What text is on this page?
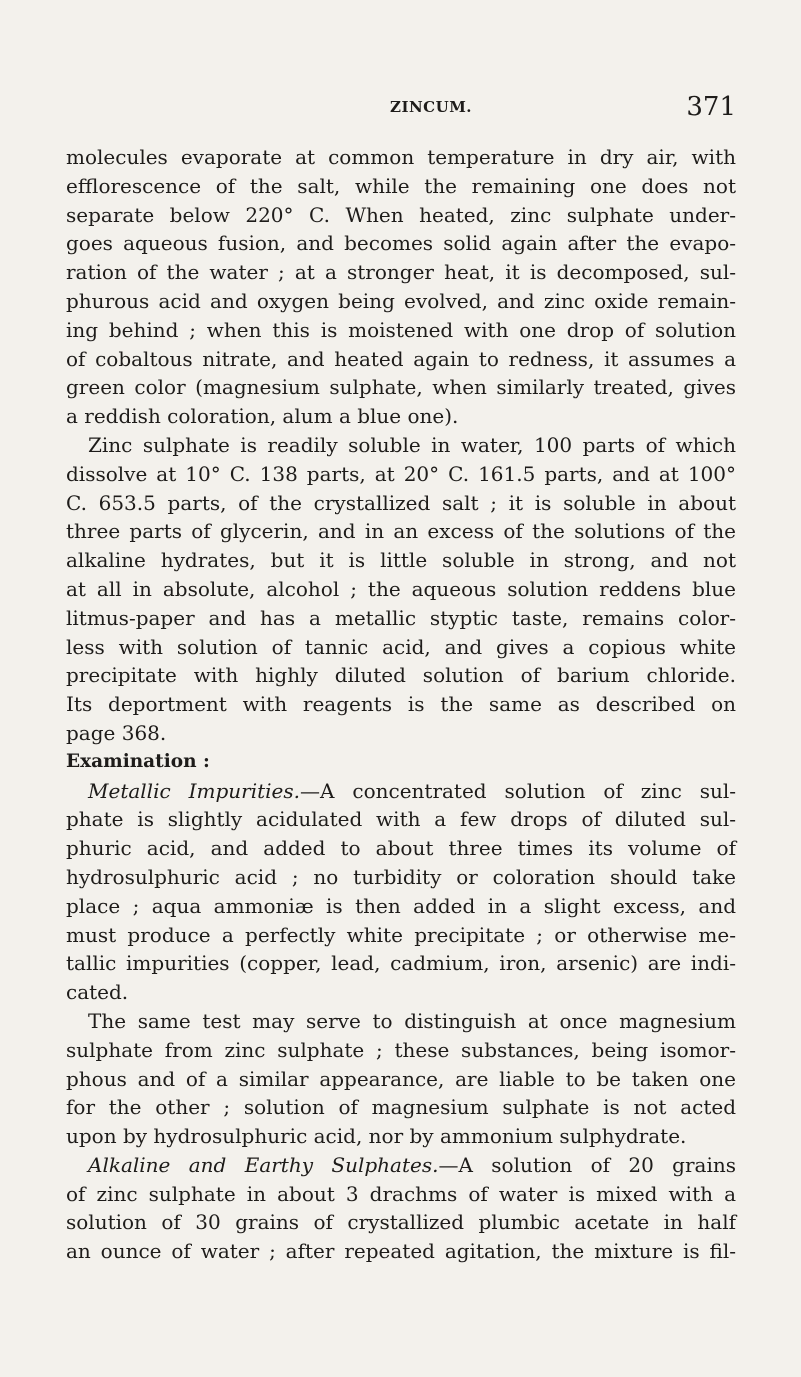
ZINCUM.	371
molecules evaporate at common temperature in dry air, with
efflorescence of the salt, while the remaining one does not
separate below 220° C. When heated, zinc sulphate under-
goes aqueous fusion, and becomes solid again after the evapo-
ration of the water ; at a stronger heat, it is decomposed, sul-
phurous acid and oxygen being evolved, and zinc oxide remain-
ing behind ; when this is moistened with one drop of solution
of cobaltous nitrate, and heated again to redness, it assumes a
green color (magnesium sulphate, when similarly treated, gives
a reddish coloration, alum a blue one).
Zinc sulphate is readily soluble in water, 100 parts of which
dissolve at 10° C. 138 parts, at 20° C. 161.5 parts, and at 100°
C. 653.5 parts, of the crystallized salt ; it is soluble in about
three parts of glycerin, and in an excess of the solutions of the
alkaline hydrates, but it is little soluble in strong, and not
at all in absolute, alcohol ; the aqueous solution reddens blue
litmus-paper and has a metallic styptic taste, remains color-
less with solution of tannic acid, and gives a copious white
precipitate with highly diluted solution of barium chloride.
Its deportment with reagents is the same as described on
page 368.
Examination :
Metallic Impurities.—A concentrated solution of zinc sul-
phate is slightly acidulated with a few drops of diluted sul-
phuric acid, and added to about three times its volume of
hydrosulphuric acid ; no turbidity or coloration should take
place ; aqua ammoniæ is then added in a slight excess, and
must produce a perfectly white precipitate ; or otherwise me-
tallic impurities (copper, lead, cadmium, iron, arsenic) are indi-
cated.
The same test may serve to distinguish at once magnesium
sulphate from zinc sulphate ; these substances, being isomor-
phous and of a similar appearance, are liable to be taken one
for the other ; solution of magnesium sulphate is not acted
upon by hydrosulphuric acid, nor by ammonium sulphydrate.
Alkaline and Earthy Sulphates.—A solution of 20 grains
of zinc sulphate in about 3 drachms of water is mixed with a
solution of 30 grains of crystallized plumbic acetate in half
an ounce of water ; after repeated agitation, the mixture is fil-
